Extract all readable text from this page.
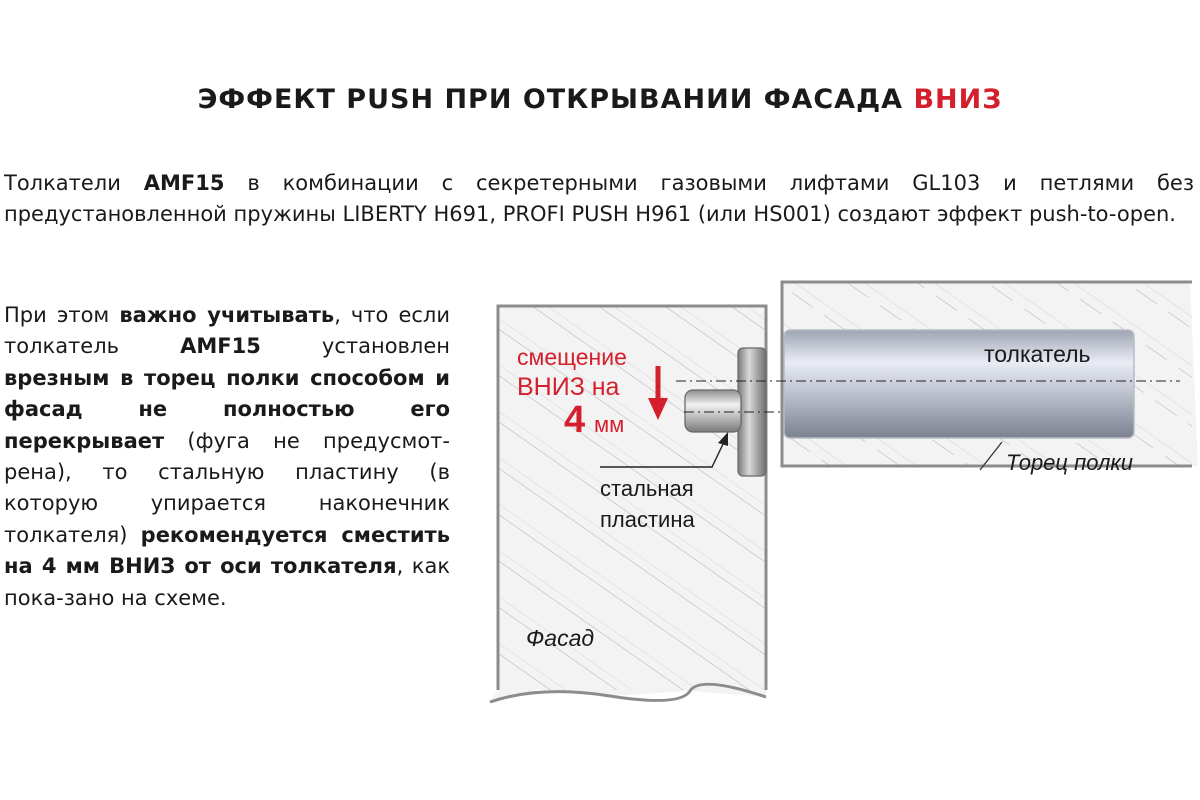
ЭФФЕКТ PUSH ПРИ ОТКРЫВАНИИ ФАСАДА ВНИЗ

Толкатели AMF15 в комбинации с секретерными газовыми лифтами GL103 и петлями без предустановленной пружины LIBERTY H691, PROFI PUSH H961 (или HS001) создают эффект push-to-open.

При этом важно учитывать, что если толкатель AMF15 установлен врезным в торец полки способом и фасад не полностью его перекрывает (фуга не предусмот-рена), то стальную пластину (в которую упирается наконечник толкателя) рекомендуется сместить на 4 мм ВНИЗ от оси толкателя, как пока-зано на схеме.

смещение
ВНИЗ на
4 мм
толкатель
Торец полки
стальная
пластина
Фасад
